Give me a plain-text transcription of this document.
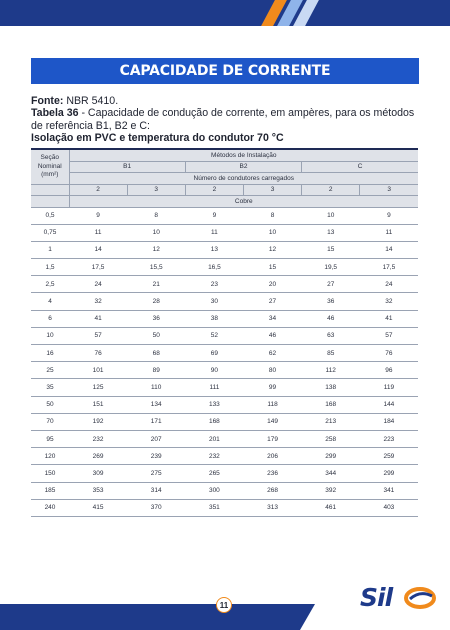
CAPACIDADE DE CORRENTE
Fonte: NBR 5410.
Tabela 36 - Capacidade de condução de corrente, em ampères, para os métodos de referência B1, B2 e C:
Isolação em PVC e temperatura do condutor 70 °C
Seção
Nominal
(mm²)	Métodos de Instalação					
	B1		B2		C	
	Número de condutores carregados					
	2	3	2	3	2	3
	Cobre					
0,5	9	8	9	8	10	9
0,75	11	10	11	10	13	11
1	14	12	13	12	15	14
1,5	17,5	15,5	16,5	15	19,5	17,5
2,5	24	21	23	20	27	24
4	32	28	30	27	36	32
6	41	36	38	34	46	41
10	57	50	52	46	63	57
16	76	68	69	62	85	76
25	101	89	90	80	112	96
35	125	110	111	99	138	119
50	151	134	133	118	168	144
70	192	171	168	149	213	184
95	232	207	201	179	258	223
120	269	239	232	206	299	259
150	309	275	265	236	344	299
185	353	314	300	268	392	341
240	415	370	351	313	461	403
11	Sil
